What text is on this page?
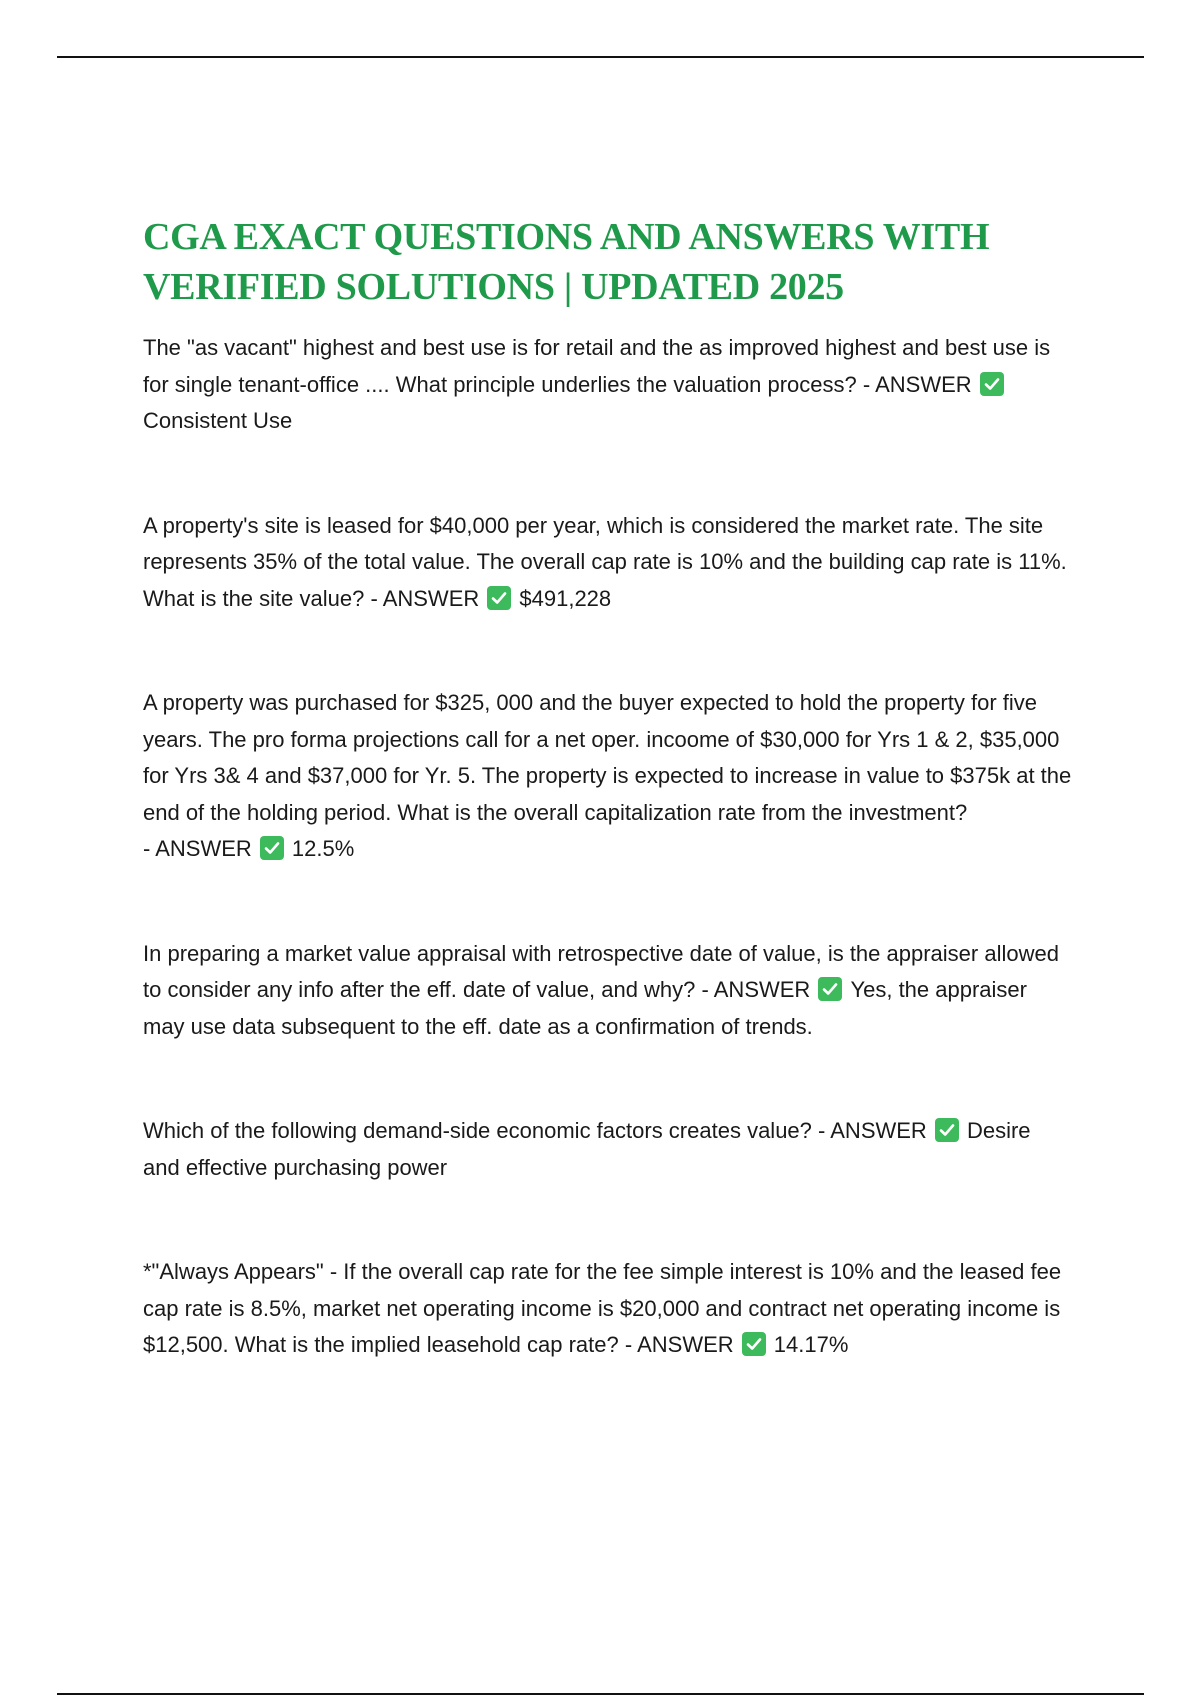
CGA EXACT QUESTIONS AND ANSWERS WITH VERIFIED SOLUTIONS | UPDATED 2025

The "as vacant" highest and best use is for retail and the as improved highest and best use is for single tenant-office .... What principle underlies the valuation process? - ANSWER
Consistent Use

A property's site is leased for $40,000 per year, which is considered the market rate. The site represents 35% of the total value. The overall cap rate is 10% and the building cap rate is 11%. What is the site value? - ANSWER $491,228

A property was purchased for $325, 000 and the buyer expected to hold the property for five years. The pro forma projections call for a net oper. incoome of $30,000 for Yrs 1 & 2, $35,000 for Yrs 3& 4 and $37,000 for Yr. 5. The property is expected to increase in value to $375k at the end of the holding period. What is the overall capitalization rate from the investment? - ANSWER 12.5%

In preparing a market value appraisal with retrospective date of value, is the appraiser allowed to consider any info after the eff. date of value, and why? - ANSWER Yes, the appraiser may use data subsequent to the eff. date as a confirmation of trends.

Which of the following demand-side economic factors creates value? - ANSWER Desire and effective purchasing power

*"Always Appears" - If the overall cap rate for the fee simple interest is 10% and the leased fee cap rate is 8.5%, market net operating income is $20,000 and contract net operating income is $12,500. What is the implied leasehold cap rate? - ANSWER 14.17%
